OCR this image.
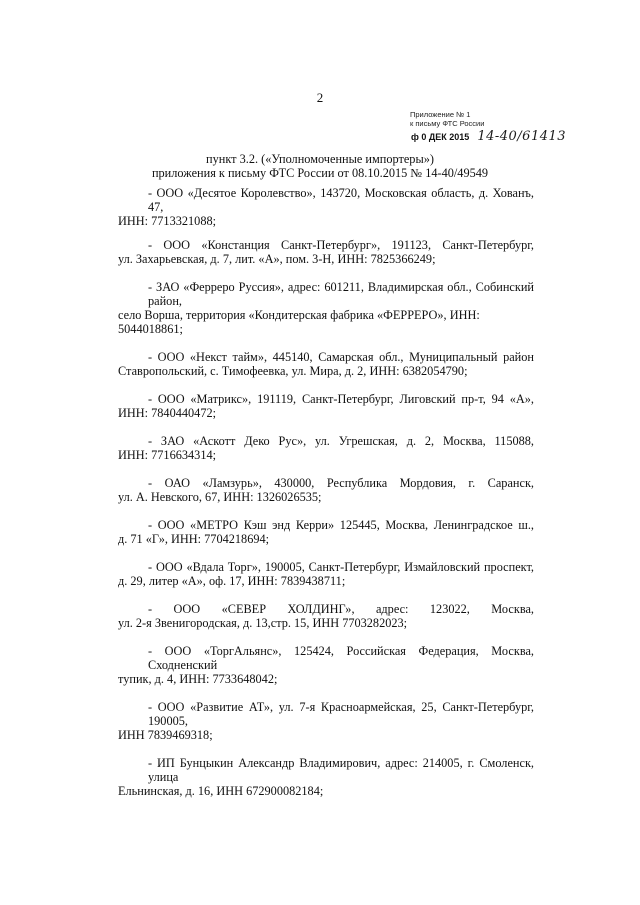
2
Приложение № 1
к письму ФТС России
ф 0 ДЕК 2015 14-40/61413
пункт 3.2. («Уполномоченные импортеры»)
приложения к письму ФТС России от 08.10.2015 № 14-40/49549
- ООО «Десятое Королевство», 143720, Московская область, д. Хованъ, 47,
ИНН: 7713321088;
- ООО «Констанция Санкт-Петербург», 191123, Санкт-Петербург,
ул. Захарьевская, д. 7, лит. «А», пом. 3-Н, ИНН: 7825366249;
- ЗАО «Ферреро Руссия», адрес: 601211, Владимирская обл., Собинский район,
село Ворша, территория «Кондитерская фабрика «ФЕРРЕРО», ИНН: 5044018861;
- ООО «Некст тайм», 445140, Самарская обл., Муниципальный район
Ставропольский, с. Тимофеевка, ул. Мира, д. 2, ИНН: 6382054790;
- ООО «Матрикс», 191119, Санкт-Петербург, Лиговский пр-т, 94 «А»,
ИНН: 7840440472;
- ЗАО «Аскотт Деко Рус», ул. Угрешская, д. 2, Москва, 115088,
ИНН: 7716634314;
- ОАО «Ламзурь», 430000, Республика Мордовия, г. Саранск,
ул. А. Невского, 67, ИНН: 1326026535;
- ООО «МЕТРО Кэш энд Керри» 125445, Москва, Ленинградское ш.,
д. 71 «Г», ИНН: 7704218694;
- ООО «Вдала Торг», 190005, Санкт-Петербург, Измайловский проспект,
д. 29, литер «А», оф. 17, ИНН: 7839438711;
- ООО «СЕВЕР ХОЛДИНГ», адрес: 123022, Москва,
ул. 2-я Звенигородская, д. 13,стр. 15, ИНН 7703282023;
- ООО «ТоргАльянс», 125424, Российская Федерация, Москва, Сходненский
тупик, д. 4, ИНН: 7733648042;
- ООО «Развитие АТ», ул. 7-я Красноармейская, 25, Санкт-Петербург, 190005,
ИНН 7839469318;
- ИП Бунцыкин Александр Владимирович, адрес: 214005, г. Смоленск, улица
Ельнинская, д. 16, ИНН 672900082184;
